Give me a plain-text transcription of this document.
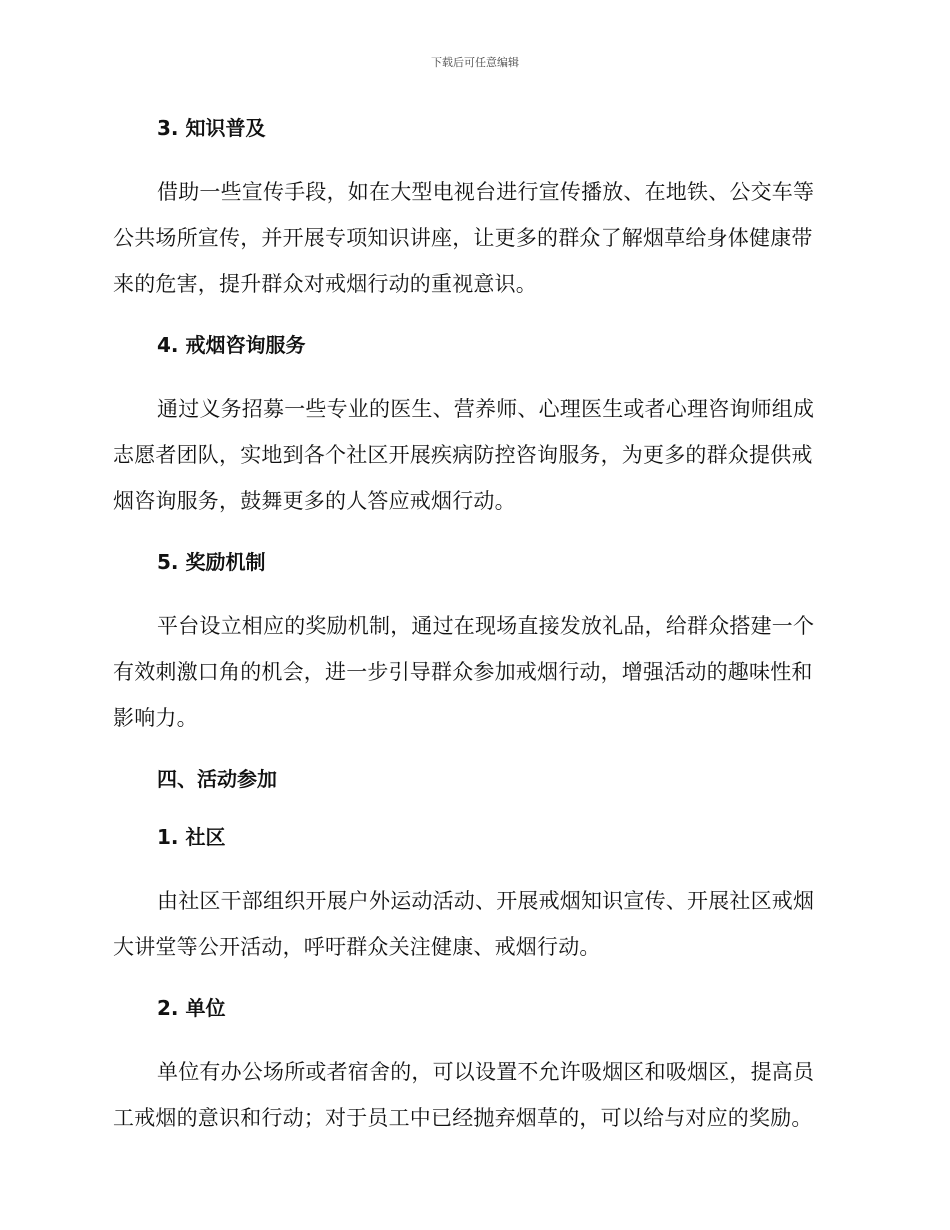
下载后可任意编辑
3. 知识普及

借助一些宣传手段，如在大型电视台进行宣传播放、在地铁、公交车等公共场所宣传，并开展专项知识讲座，让更多的群众了解烟草给身体健康带来的危害，提升群众对戒烟行动的重视意识。

4. 戒烟咨询服务

通过义务招募一些专业的医生、营养师、心理医生或者心理咨询师组成志愿者团队，实地到各个社区开展疾病防控咨询服务，为更多的群众提供戒烟咨询服务，鼓舞更多的人答应戒烟行动。

5. 奖励机制

平台设立相应的奖励机制，通过在现场直接发放礼品，给群众搭建一个有效刺激口角的机会，进一步引导群众参加戒烟行动，增强活动的趣味性和影响力。

四、活动参加
1. 社区

由社区干部组织开展户外运动活动、开展戒烟知识宣传、开展社区戒烟大讲堂等公开活动，呼吁群众关注健康、戒烟行动。

2. 单位

单位有办公场所或者宿舍的，可以设置不允许吸烟区和吸烟区，提高员工戒烟的意识和行动；对于员工中已经抛弃烟草的，可以给与对应的奖励。
